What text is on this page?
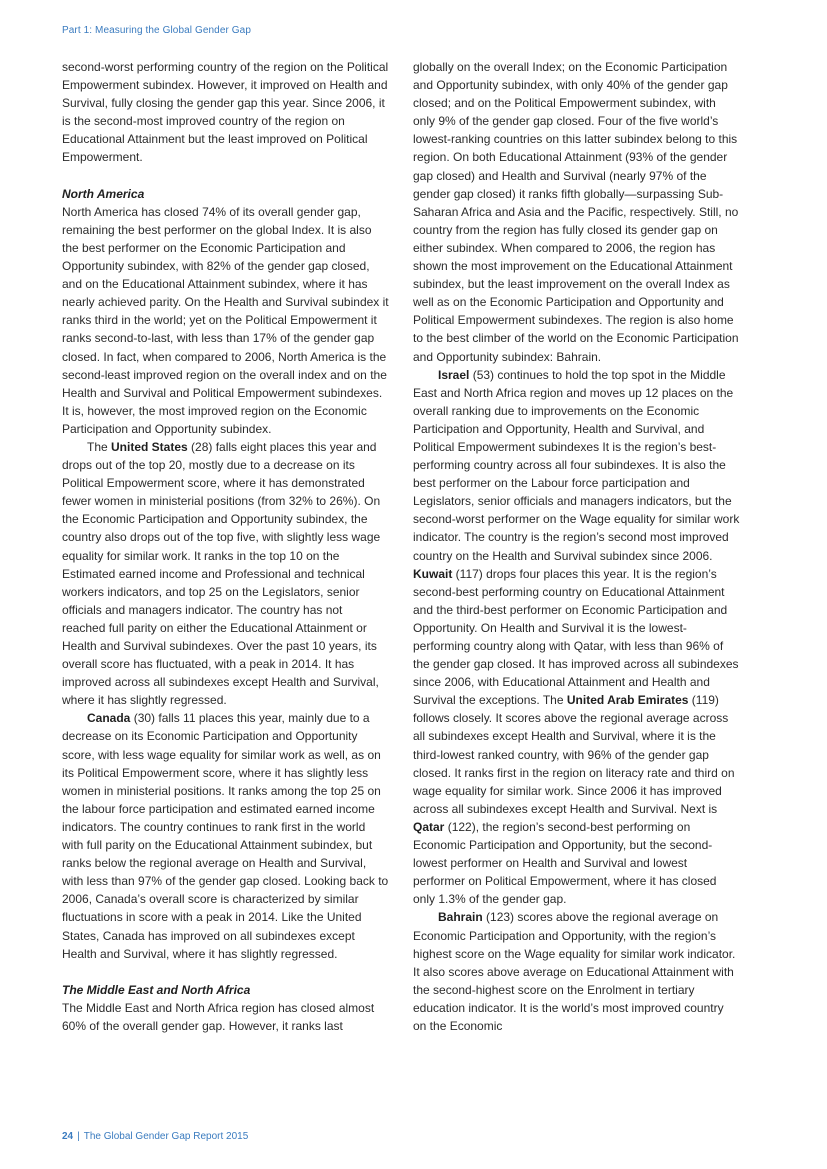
Part 1: Measuring the Global Gender Gap

second-worst performing country of the region on the Political Empowerment subindex. However, it improved on Health and Survival, fully closing the gender gap this year. Since 2006, it is the second-most improved country of the region on Educational Attainment but the least improved on Political Empowerment.

North America

North America has closed 74% of its overall gender gap, remaining the best performer on the global Index. It is also the best performer on the Economic Participation and Opportunity subindex, with 82% of the gender gap closed, and on the Educational Attainment subindex, where it has nearly achieved parity. On the Health and Survival subindex it ranks third in the world; yet on the Political Empowerment it ranks second-to-last, with less than 17% of the gender gap closed. In fact, when compared to 2006, North America is the second-least improved region on the overall index and on the Health and Survival and Political Empowerment subindexes. It is, however, the most improved region on the Economic Participation and Opportunity subindex.

The United States (28) falls eight places this year and drops out of the top 20, mostly due to a decrease on its Political Empowerment score, where it has demonstrated fewer women in ministerial positions (from 32% to 26%). On the Economic Participation and Opportunity subindex, the country also drops out of the top five, with slightly less wage equality for similar work. It ranks in the top 10 on the Estimated earned income and Professional and technical workers indicators, and top 25 on the Legislators, senior officials and managers indicator. The country has not reached full parity on either the Educational Attainment or Health and Survival subindexes. Over the past 10 years, its overall score has fluctuated, with a peak in 2014. It has improved across all subindexes except Health and Survival, where it has slightly regressed.

Canada (30) falls 11 places this year, mainly due to a decrease on its Economic Participation and Opportunity score, with less wage equality for similar work as well, as on its Political Empowerment score, where it has slightly less women in ministerial positions. It ranks among the top 25 on the labour force participation and estimated earned income indicators. The country continues to rank first in the world with full parity on the Educational Attainment subindex, but ranks below the regional average on Health and Survival, with less than 97% of the gender gap closed. Looking back to 2006, Canada’s overall score is characterized by similar fluctuations in score with a peak in 2014. Like the United States, Canada has improved on all subindexes except Health and Survival, where it has slightly regressed.

The Middle East and North Africa

The Middle East and North Africa region has closed almost 60% of the overall gender gap. However, it ranks last

globally on the overall Index; on the Economic Participation and Opportunity subindex, with only 40% of the gender gap closed; and on the Political Empowerment subindex, with only 9% of the gender gap closed. Four of the five world’s lowest-ranking countries on this latter subindex belong to this region. On both Educational Attainment (93% of the gender gap closed) and Health and Survival (nearly 97% of the gender gap closed) it ranks fifth globally—surpassing Sub-Saharan Africa and Asia and the Pacific, respectively. Still, no country from the region has fully closed its gender gap on either subindex. When compared to 2006, the region has shown the most improvement on the Educational Attainment subindex, but the least improvement on the overall Index as well as on the Economic Participation and Opportunity and Political Empowerment subindexes. The region is also home to the best climber of the world on the Economic Participation and Opportunity subindex: Bahrain.

Israel (53) continues to hold the top spot in the Middle East and North Africa region and moves up 12 places on the overall ranking due to improvements on the Economic Participation and Opportunity, Health and Survival, and Political Empowerment subindexes It is the region’s best-performing country across all four subindexes. It is also the best performer on the Labour force participation and Legislators, senior officials and managers indicators, but the second-worst performer on the Wage equality for similar work indicator. The country is the region’s second most improved country on the Health and Survival subindex since 2006. Kuwait (117) drops four places this year. It is the region’s second-best performing country on Educational Attainment and the third-best performer on Economic Participation and Opportunity. On Health and Survival it is the lowest-performing country along with Qatar, with less than 96% of the gender gap closed. It has improved across all subindexes since 2006, with Educational Attainment and Health and Survival the exceptions. The United Arab Emirates (119) follows closely. It scores above the regional average across all subindexes except Health and Survival, where it is the third-lowest ranked country, with 96% of the gender gap closed. It ranks first in the region on literacy rate and third on wage equality for similar work. Since 2006 it has improved across all subindexes except Health and Survival. Next is Qatar (122), the region’s second-best performing on Economic Participation and Opportunity, but the second-lowest performer on Health and Survival and lowest performer on Political Empowerment, where it has closed only 1.3% of the gender gap.

Bahrain (123) scores above the regional average on Economic Participation and Opportunity, with the region’s highest score on the Wage equality for similar work indicator. It also scores above average on Educational Attainment with the second-highest score on the Enrolment in tertiary education indicator. It is the world’s most improved country on the Economic

24 | The Global Gender Gap Report 2015
